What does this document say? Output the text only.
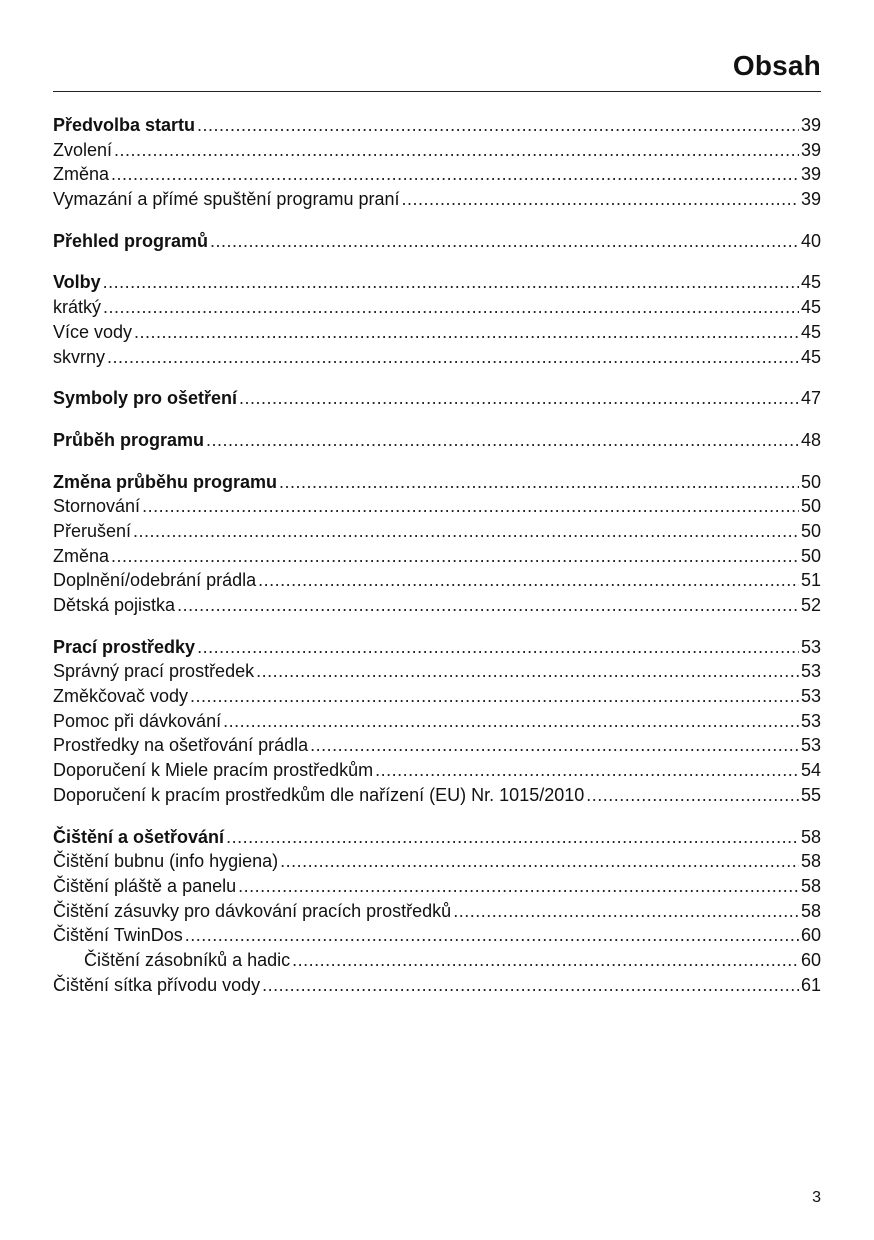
Obsah
Předvolba startu .....	39
Zvolení .....	39
Změna .....	39
Vymazání a přímé spuštění programu praní .....	39
Přehled programů .....	40
Volby .....	45
krátký .....	45
Více vody .....	45
skvrny .....	45
Symboly pro ošetření .....	47
Průběh programu .....	48
Změna průběhu programu .....	50
Stornování .....	50
Přerušení .....	50
Změna .....	50
Doplnění/odebrání prádla .....	51
Dětská pojistka .....	52
Prací prostředky .....	53
Správný prací prostředek .....	53
Změkčovač vody .....	53
Pomoc při dávkování .....	53
Prostředky na ošetřování prádla .....	53
Doporučení k Miele pracím prostředkům .....	54
Doporučení k pracím prostředkům dle nařízení (EU) Nr. 1015/2010 .....	55
Čištění a ošetřování .....	58
Čištění bubnu (info hygiena) .....	58
Čištění pláště a panelu .....	58
Čištění zásuvky pro dávkování pracích prostředků .....	58
Čištění TwinDos .....	60
Čištění zásobníků a hadic .....	60
Čištění sítka přívodu vody .....	61
3
